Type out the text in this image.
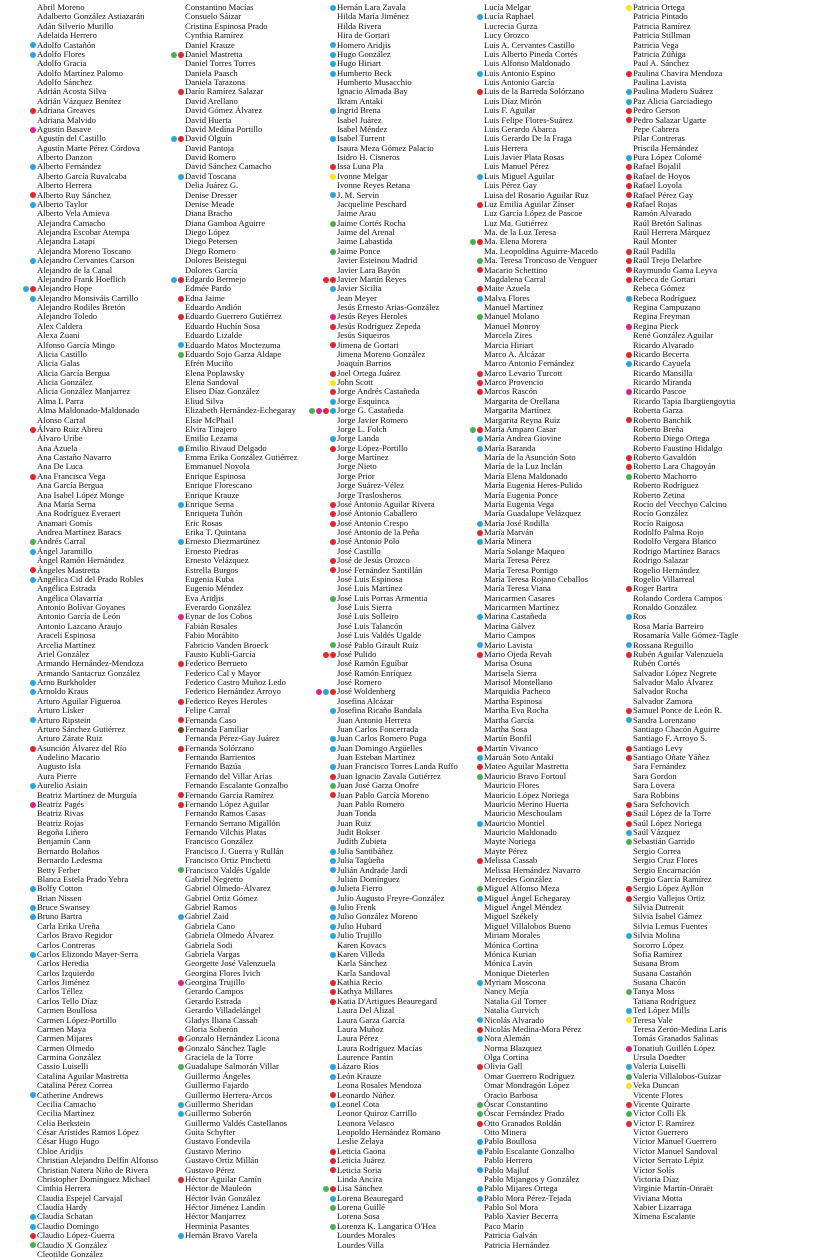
Abril Moreno
Adalberto González Astiazarán
Adán Silverio Murillo
Adelaida Herrero
Adolfo Castañón
Adolfo Flores
Adolfo Gracia
Adolfo Martínez Palomo
Adolfo Sánchez
Adrián Acosta Silva
Adrián Vázquez Benítez
Adriana Greaves
Adriana Malvido
Agustín Basave
Agustín del Castillo
Agustín Marte Pérez Córdova
Alberto Danzon
Alberto Fernández
Alberto García Ruvalcaba
Alberto Herrera
Alberto Ruy Sánchez
Alberto Taylor
Alberto Vela Amieva
Alejandra Camacho
Alejandra Escobar Atempa
Alejandra Latapí
Alejandra Moreno Toscano
Alejandro Cervantes Carson
Alejandro de la Canal
Alejandro Frank Hoeflich
Alejandro Hope
Alejandro Monsiváis Carrillo
Alejandro Rodiles Bretón
Alejandro Toledo
Alex Caldera
Alexa Zuani
Alfonso García Mingo
Alicia Castillo
Alicia Galas
Alicia García Bergua
Alicia González
Alicia González Manjarrez
Alma L Parra
Alma Maldonado-Maldonado
Alonso Carral
Álvaro Ruiz Abreu
Álvaro Uribe
Ana Azuela
Ana Castaño Navarro
Ana De Luca
Ana Francisca Vega
Ana García Bergua
Ana Isabel López Monge
Ana María Serna
Ana Rodríguez Everaert
Anamari Gomís
Andrea Martínez Baracs
Andrés Carral
Ángel Jaramillo
Ángel Ramón Hernández
Ángeles Mastretta
Angélica Cid del Prado Robles
Angélica Estrada
Angélica Olavarría
Antonio Bolívar Goyanes
Antonio García de León
Antonio Lazcano Araujo
Araceli Espinosa
Arcelia Martínez
Ariel González
Armando Hernández-Mendoza
Armando Santacruz González
Arno Burkholder
Arnoldo Kraus
Arturo Aguilar Figueroa
Arturo Lisker
Arturo Ripstein
Arturo Sánchez Gutiérrez
Arturo Zárate Ruiz
Asunción Álvarez del Río
Audelino Macario
Augusto Isla
Aura Pierre
Aurelio Asiain
Beatriz Martínez de Murguía
Beatriz Pagés
Beatriz Rivas
Beatriz Rojas
Begoña Liñero
Benjamín Cann
Bernardo Bolaños
Bernardo Ledesma
Betty Ferber
Blanca Estela Prado Yebra
Bolfy Cotton
Brian Nissen
Bruce Swansey
Bruno Bartra
Carla Erika Ureña
Carlos Bravo Regidor
Carlos Contreras
Carlos Elizondo Mayer-Serra
Carlos Heredia
Carlos Izquierdo
Carlos Jiménez
Carlos Téllez
Carlos Tello Díaz
Carmen Boullosa
Carmen López-Portillo
Carmen Maya
Carmen Mijares
Carmen Olmedo
Carmina González
Cassio Luiselli
Catalina Aguilar Mastretta
Catalina Pérez Correa
Catherine Andrews
Cecilia Camacho
Cecilia Martínez
Celia Berkstein
César Arístides Ramos López
César Hugo Hugo
Chloe Aridjis
Christian Alejandro Delfín Alfonso
Christian Natera Niño de Rivera
Christopher Domínguez Michael
Cinthia Herrera
Claudia Espejel Carvajal
Claudia Hardy
Claudia Schatan
Claudio Domingo
Claudio López-Guerra
Claudio X González
Cleotilde González
Constantino Macías
Consuelo Sáizar
Cristina Espinosa Prado
Cynthia Ramírez
Daniel Krauze
Daniel Mastretta
Daniel Torres Torres
Daniela Paasch
Daniela Tarazona
Darío Ramírez Salazar
David Arellano
David Gómez Álvarez
David Huerta
David Medina Portillo
David Olguín
David Pantoja
David Romero
David Sánchez Camacho
David Toscana
Delia Juárez G.
Denise Dresser
Denise Meade
Diana Bracho
Diana Gamboa Aguirre
Diego López
Diego Petersen
Diego Romero
Dolores Beistegui
Dolores García
Edgardo Bermejo
Edmée Pardo
Edna Jaime
Eduardo Andión
Eduardo Guerrero Gutiérrez
Eduardo Huchín Sosa
Eduardo Lizalde
Eduardo Matos Moctezuma
Eduardo Sojo Garza Aldape
Efrén Muciño
Elena Poplawsky
Elena Sandoval
Eliseo Díaz González
Eliud Silva
Elizabeth Hernández-Echegaray
Elsie McPhail
Elvira Tinajero
Emilio Lezama
Emilio Rivaud Delgado
Emma Erika González Gutiérrez
Emmanuel Noyola
Enrique Espinosa
Enrique Florescano
Enrique Krauze
Enrique Serna
Enriqueta Tuñón
Eric Rosas
Erika T. Quintana
Ernesto Diezmartínez
Ernesto Piedras
Ernesto Velázquez
Estrella Burgos
Eugenia Kuba
Eugenio Méndez
Eva Aridjis
Everardo González
Eynar de los Cobos
Fabián Rosales
Fabio Morábito
Fabricio Vanden Broeck
Fausto Kubli-García
Federico Berrueto
Federico Cal y Mayor
Federico Castro Muñoz Ledo
Federico Hernández Arroyo
Federico Reyes Heroles
Felipe Carral
Fernanda Caso
Fernanda Familiar
Fernanda Pérez-Gay Juárez
Fernanda Solórzano
Fernando Barrientos
Fernando Bazúa
Fernando del Villar Arias
Fernando Escalante Gonzalbo
Fernando García Ramírez
Fernando López Aguilar
Fernando Ramos Casas
Fernando Serrano Migallón
Fernando Vilchis Platas
Francisco González
Francisco J. Guerra y Rullán
Francisco Ortiz Pinchetti
Francisco Valdés Ugalde
Gabriel Negretto
Gabriel Olmedo-Álvarez
Gabriel Ortiz Gómez
Gabriel Ramos
Gabriel Zaid
Gabriela Cano
Gabriela Olmedo Álvarez
Gabriela Sodi
Gabriela Vargas
Georgette José Valenzuela
Georgina Flores Ivich
Georgina Trujillo
Gerardo Campos
Gerardo Estrada
Gerardo Villadelángel
Gladys Iliana Cassab
Gloria Soberón
Gonzalo Hernández Licona
Gonzalo Sánchez Tagle
Graciela de la Torre
Guadalupe Salmorán Villar
Guillermo Ángeles
Guillermo Fajardo
Guillermo Herrera-Arcos
Guillermo Sheridan
Guillermo Soberón
Guillermo Valdés Castellanos
Guita Schyfter
Gustavo Fondevila
Gustavo Merino
Gustavo Ortiz Millán
Gustavo Pérez
Héctor Aguilar Camín
Héctor de Mauleón
Héctor Iván González
Héctor Jiménez Landín
Héctor Manjarrez
Herminia Pasantes
Hernán Bravo Varela
Hernán Lara Zavala
Hilda María Jiménez
Hilda Rivera
Hira de Gortari
Homero Aridjis
Hugo González
Hugo Hiriart
Humberto Beck
Humberto Musacchio
Ignacio Almada Bay
Ikram Antaki
Ingrid Brena
Isabel Juárez
Isabel Méndez
Isabel Turrent
Isaura Meza Gómez Palacio
Isidro H. Cisneros
Issa Luna Pla
Ivonne Melgar
Ivonne Reyes Retana
J. M. Servín
Jacqueline Peschard
Jaime Arau
Jaime Cortés Rocha
Jaime del Arenal
Jaime Labastida
Jaime Ponce
Javier Esteinou Madrid
Javier Lara Bayón
Javier Martín Reyes
Javier Sicilia
Jean Meyer
Jesús Ernesto Arias-González
Jesús Reyes Heroles
Jesús Rodríguez Zepeda
Jesús Siqueiros
Jimena de Gortari
Jimena Moreno González
Joaquín Barrios
Joel Ortega Juárez
John Scott
Jorge Andrés Castañeda
Jorge Esquinca
Jorge G. Castañeda
Jorge Javier Romero
Jorge L. Folch
Jorge Landa
Jorge López-Portillo
Jorge Martínez
Jorge Nieto
Jorge Prior
Jorge Suárez-Vélez
Jorge Traslosheros
José Antonio Aguilar Rivera
José Antonio Caballero
José Antonio Crespo
José Antonio de la Peña
José Antonio Polo
José Castillo
José de Jesús Orozco
José Fernández Santillán
José Luis Espinosa
José Luis Martínez
José Luis Porras Armentia
José Luis Sierra
José Luis Solleiro
José Luis Talancón
José Luis Valdés Ugalde
José Pablo Girault Ruiz
José Pulido
José Ramón Eguíbar
José Ramón Enríquez
José Romero
José Woldenberg
Josefina Alcázar
Josefina Ricaño Bandala
Juan Antonio Herrera
Juan Carlos Foncerrada
Juan Carlos Romero Puga
Juan Domingo Argüelles
Juan Esteban Martínez
Juan Francisco Torres Landa Ruffo
Juan Ignacio Zavala Gutiérrez
Juan José Garza Onofre
Juan Pablo García Moreno
Juan Pablo Romero
Juan Tonda
Juan Ruiz
Judit Bokser
Judith Zubieta
Julia Santibáñez
Julia Tagüeña
Julián Andrade Jardí
Julián Domínguez
Julieta Fierro
Julio Augusto Freyre-González
Julio Frenk
Julio González Moreno
Julio Hubard
Julio Trujillo
Karen Kovacs
Karen Villeda
Karla Sánchez
Karla Sandoval
Kathia Recio
Kathya Millares
Katia D'Artigues Beauregard
Laura Del Alizal
Laura Garza García
Laura Muñoz
Laura Pérez
Laura Rodríguez Macías
Laurence Pantin
Lázaro Ríos
León Krauze
Leona Rosales Mendoza
Leonardo Núñez
Leonel Cota
Leonor Quiroz Carrillo
Leonora Velasco
Leopoldo Hernández Romano
Leslie Zelaya
Leticia Gaona
Leticia Juárez
Leticia Soria
Linda Ancira
Lisa Sánchez
Lorena Beauregard
Lorena Guillé
Lorena Sosa
Lorenza K. Langarica O'Hea
Lourdes Morales
Lourdes Villa
Lucía Melgar
Lucía Raphael
Lucrecia Gurza
Lucy Orozco
Luis A. Cervantes Castillo
Luis Alberto Pineda Cortés
Luis Alfonso Maldonado
Luis Antonio Espino
Luis Antonio García
Luis de la Barreda Solórzano
Luis Díaz Mirón
Luis F. Aguilar
Luis Felipe Flores-Suárez
Luis Gerardo Abarca
Luis Gerardo De la Fraga
Luis Herrera
Luis Javier Plata Rosas
Luis Manuel Pérez
Luis Miguel Aguilar
Luis Pérez Gay
Luisa del Rosario Aguilar Ruz
Luz Emilia Aguilar Zínser
Luz García López de Pascoe
Luz Ma. Gutiérrez
Ma. de la Luz Teresa
Ma. Elena Morera
Ma. Leopoldina Aguirre-Macedo
Ma. Teresa Troncoso de Venguer
Macario Schettino
Magdalena Carral
Maite Azuela
Malva Flores
Manuel Martínez
Manuel Molano
Manuel Monroy
Marcela Zires
Marcia Hiriart
Marco A. Alcázar
Marco Antonio Fernández
Marco Levario Turcott
Marco Provencio
Marcos Rascón
Margarita de Orellana
Margarita Martínez
Margarita Reyna Ruiz
María Amparo Casar
María Andrea Giovine
María Baranda
María de la Asunción Soto
María de la Luz Inclán
María Elena Maldonado
María Eugenia Heres-Pulido
María Eugenia Ponce
María Eugenia Vega
María Guadalupe Velázquez
María José Rodilla
María Marván
María Minera
María Solange Maqueo
María Teresa Pérez
María Teresa Pontigo
María Teresa Rojano Ceballos
María Teresa Viana
Maricarmen Casares
Maricarmen Martínez
Marina Castañeda
Marina Gálvez
Mario Campos
Mario Lavista
Mario Ojeda Revah
Marisa Osuna
Marisela Sierra
Marisol Montellano
Marquidia Pacheco
Martha Espinosa
Martha Eva Rocha
Martha García
Martha Sosa
Martín Bonfil
Martín Vivanco
Maruán Soto Antaki
Mateo Aguilar Mastretta
Mauricio Bravo Fortoul
Mauricio Flores
Mauricio López Noriega
Mauricio Merino Huerta
Mauricio Meschoulam
Mauricio Montiel
Mauricio Maldonado
Mayte Noriega
Mayte Pérez
Melissa Cassab
Melissa Hernández Navarro
Mercedes González
Miguel Alfonso Meza
Miguel Ángel Echegaray
Miguel Ángel Méndez
Miguel Székely
Miguel Villalobos Bueno
Miriam Morales
Mónica Cortina
Mónica Kurian
Mónica Lavín
Monique Dieterlen
Myriam Moscona
Nancy Mejía
Natalia Gil Torner
Natalia Gurvich
Nicolás Alvarado
Nicolás Medina-Mora Pérez
Nora Alemán
Norma Blazquez
Olga Cortina
Olivia Gall
Omar Guerrero Rodríguez
Omar Mondragón López
Oracio Barbosa
Óscar Constantino
Óscar Fernández Prado
Otto Granados Roldán
Otto Minera
Pablo Boullosa
Pablo Escalante Gonzalbo
Pablo Herrero
Pablo Majluf
Pablo Mijangos y González
Pablo Mijares Ortega
Pablo Mora Pérez-Tejada
Pablo Sol Mora
Pablo Xavier Becerra
Paco Marín
Patricia Galván
Patricia Hernández
Patricia Ortega
Patricia Pintado
Patricia Ramírez
Patricia Stillman
Patricia Vega
Patricia Zúñiga
Paul A. Sánchez
Paulina Chavira Mendoza
Paulina Lavista
Paulina Madero Suárez
Paz Alicia Garciadiego
Pedro Gerson
Pedro Salazar Ugarte
Pepe Cabrera
Pilar Contreras
Priscila Hernández
Pura López Colomé
Rafael Bojalil
Rafael de Hoyos
Rafael Loyola
Rafael Pérez Gay
Rafael Rojas
Ramón Alvarado
Raúl Bretón Salinas
Raúl Herrera Márquez
Raúl Monter
Raúl Padilla
Raúl Trejo Delarbre
Raymundo Gama Leyva
Rebeca de Gortari
Rebeca Gómez
Rebeca Rodríguez
Regina Campuzano
Regina Freyman
Regina Pieck
René González Aguilar
Ricardo Alvarado
Ricardo Becerra
Ricardo Cayuela
Ricardo Mansilla
Ricardo Miranda
Ricardo Pascoe
Ricardo Tapia Ibargüengoytia
Roberta Garza
Roberto Banchik
Roberto Breña
Roberto Diego Ortega
Roberto Faustino Hidalgo
Roberto Gavaldón
Roberto Lara Chagoyán
Roberto Machorro
Roberto Rodríguez
Roberto Zetina
Rocío del Vecchyo Calcino
Rocío González
Rocío Raigosa
Rodolfo Palma Rojo
Rodolfo Vergara Blanco
Rodrigo Martínez Baracs
Rodrigo Salazar
Rogelio Hernández
Rogelio Villarreal
Roger Bartra
Rolando Cordera Campos
Ronaldo González
Ros
Rosa María Barreiro
Rosamaría Valle Gómez-Tagle
Rossana Reguillo
Rubén Aguilar Valenzuela
Rubén Cortés
Salvador López Negrete
Salvador Malo Álvarez
Salvador Rocha
Salvador Zamora
Samuel Ponce de León R.
Sandra Lorenzano
Santiago Chacón Aguirre
Santiago F. Arroyo S.
Santiago Levy
Santiago Oñate Yáñez
Sara Fernández
Sara Gordon
Sara Lovera
Sara Robbins
Sara Sefchovich
Saúl López de la Torre
Saúl López Noriega
Saúl Vázquez
Sebastián Garrido
Sergio Correa
Sergio Cruz Flores
Sergio Encarnación
Sergio García Ramírez
Sergio López Ayllón
Sergio Vallejos Ortiz
Silvia Dutrenit
Silvia Isabel Gámez
Silvia Lemus Fuentes
Silvia Molina
Socorro López
Sofía Ramírez
Susana Brom
Susana Castañón
Susana Chacón
Tanya Moss
Tatiana Rodríguez
Ted López Mills
Teresa Vale
Teresa Zerón-Medina Laris
Tomás Granados Salinas
Tonatiuh Guillén López
Ursula Doedter
Valeria Luiselli
Valeria Villalobos-Guízar
Veka Duncan
Vicente Flores
Vicente Quirarte
Víctor Colli Ek
Víctor F. Ramírez
Víctor Guerrero
Víctor Manuel Guerrero
Víctor Manuel Sandoval
Víctor Serrato Lépiz
Víctor Solís
Victoria Díaz
Virginie Martín-Onraët
Viviana Motta
Xabier Lizarraga
Ximena Escalante
